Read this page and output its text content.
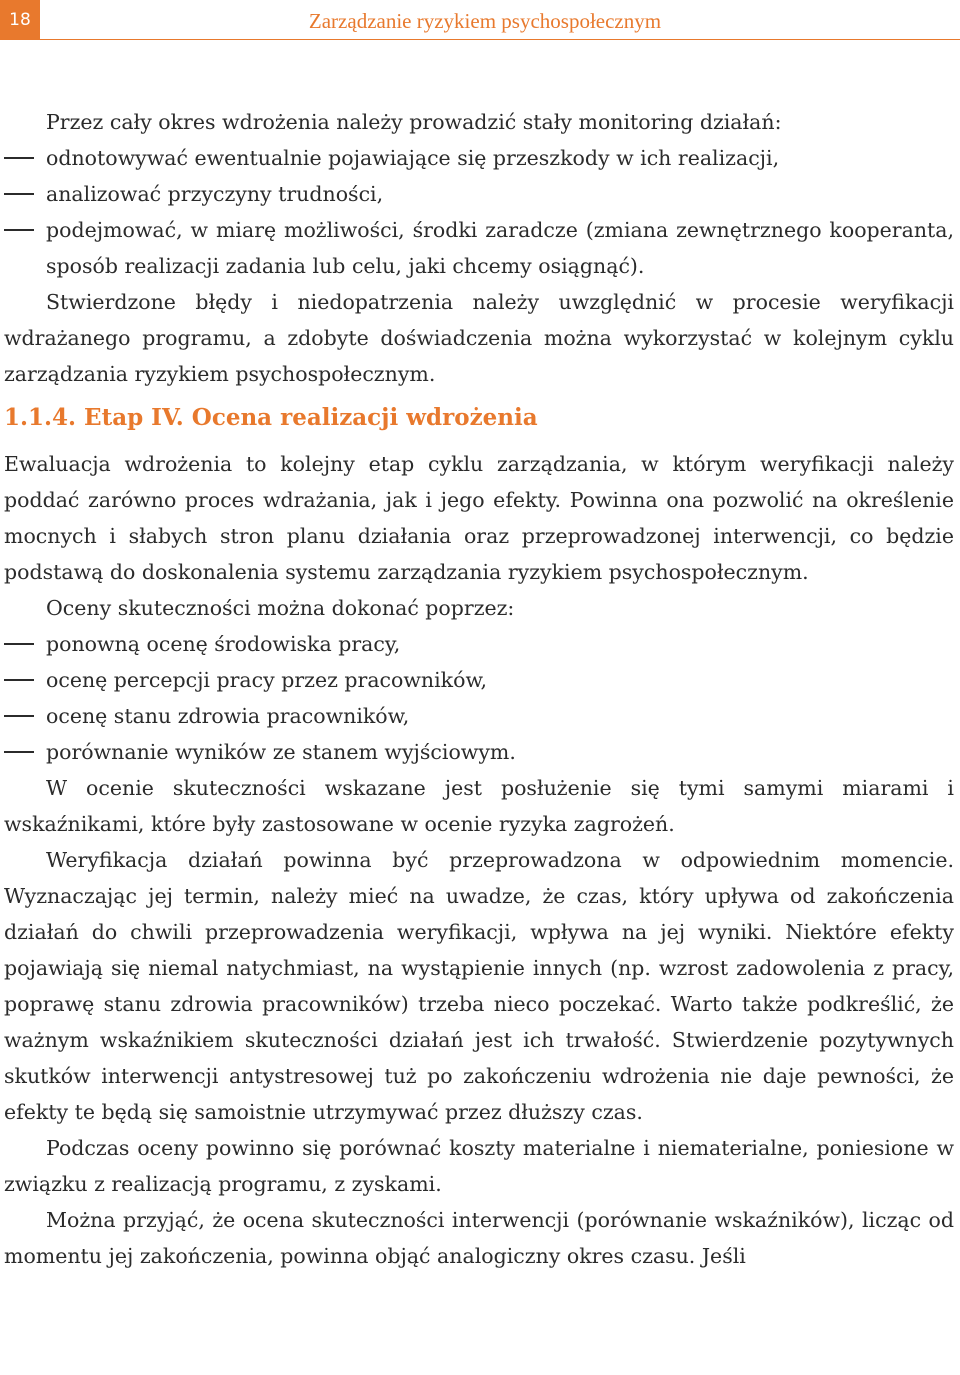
18	Zarządzanie ryzykiem psychospołecznym

Przez cały okres wdrożenia należy prowadzić stały monitoring działań:

odnotowywać ewentualnie pojawiające się przeszkody w ich realizacji,
analizować przyczyny trudności,
podejmować, w miarę możliwości, środki zaradcze (zmiana zewnętrznego kooperanta, sposób realizacji zadania lub celu, jaki chcemy osiągnąć).

Stwierdzone błędy i niedopatrzenia należy uwzględnić w procesie weryfikacji wdrażanego programu, a zdobyte doświadczenia można wykorzystać w kolejnym cyklu zarządzania ryzykiem psychospołecznym.

1.1.4. Etap IV. Ocena realizacji wdrożenia

Ewaluacja wdrożenia to kolejny etap cyklu zarządzania, w którym weryfikacji należy poddać zarówno proces wdrażania, jak i jego efekty. Powinna ona pozwolić na określenie mocnych i słabych stron planu działania oraz przeprowadzonej interwencji, co będzie podstawą do doskonalenia systemu zarządzania ryzykiem psychospołecznym.

Oceny skuteczności można dokonać poprzez:

ponowną ocenę środowiska pracy,
ocenę percepcji pracy przez pracowników,
ocenę stanu zdrowia pracowników,
porównanie wyników ze stanem wyjściowym.

W ocenie skuteczności wskazane jest posłużenie się tymi samymi miarami i wskaźnikami, które były zastosowane w ocenie ryzyka zagrożeń.

Weryfikacja działań powinna być przeprowadzona w odpowiednim momencie. Wyznaczając jej termin, należy mieć na uwadze, że czas, który upływa od zakończenia działań do chwili przeprowadzenia weryfikacji, wpływa na jej wyniki. Niektóre efekty pojawiają się niemal natychmiast, na wystąpienie innych (np. wzrost zadowolenia z pracy, poprawę stanu zdrowia pracowników) trzeba nieco poczekać. Warto także podkreślić, że ważnym wskaźnikiem skuteczności działań jest ich trwałość. Stwierdzenie pozytywnych skutków interwencji antystresowej tuż po zakończeniu wdrożenia nie daje pewności, że efekty te będą się samoistnie utrzymywać przez dłuższy czas.

Podczas oceny powinno się porównać koszty materialne i niematerialne, poniesione w związku z realizacją programu, z zyskami.

Można przyjąć, że ocena skuteczności interwencji (porównanie wskaźników), licząc od momentu jej zakończenia, powinna objąć analogiczny okres czasu. Jeśli
